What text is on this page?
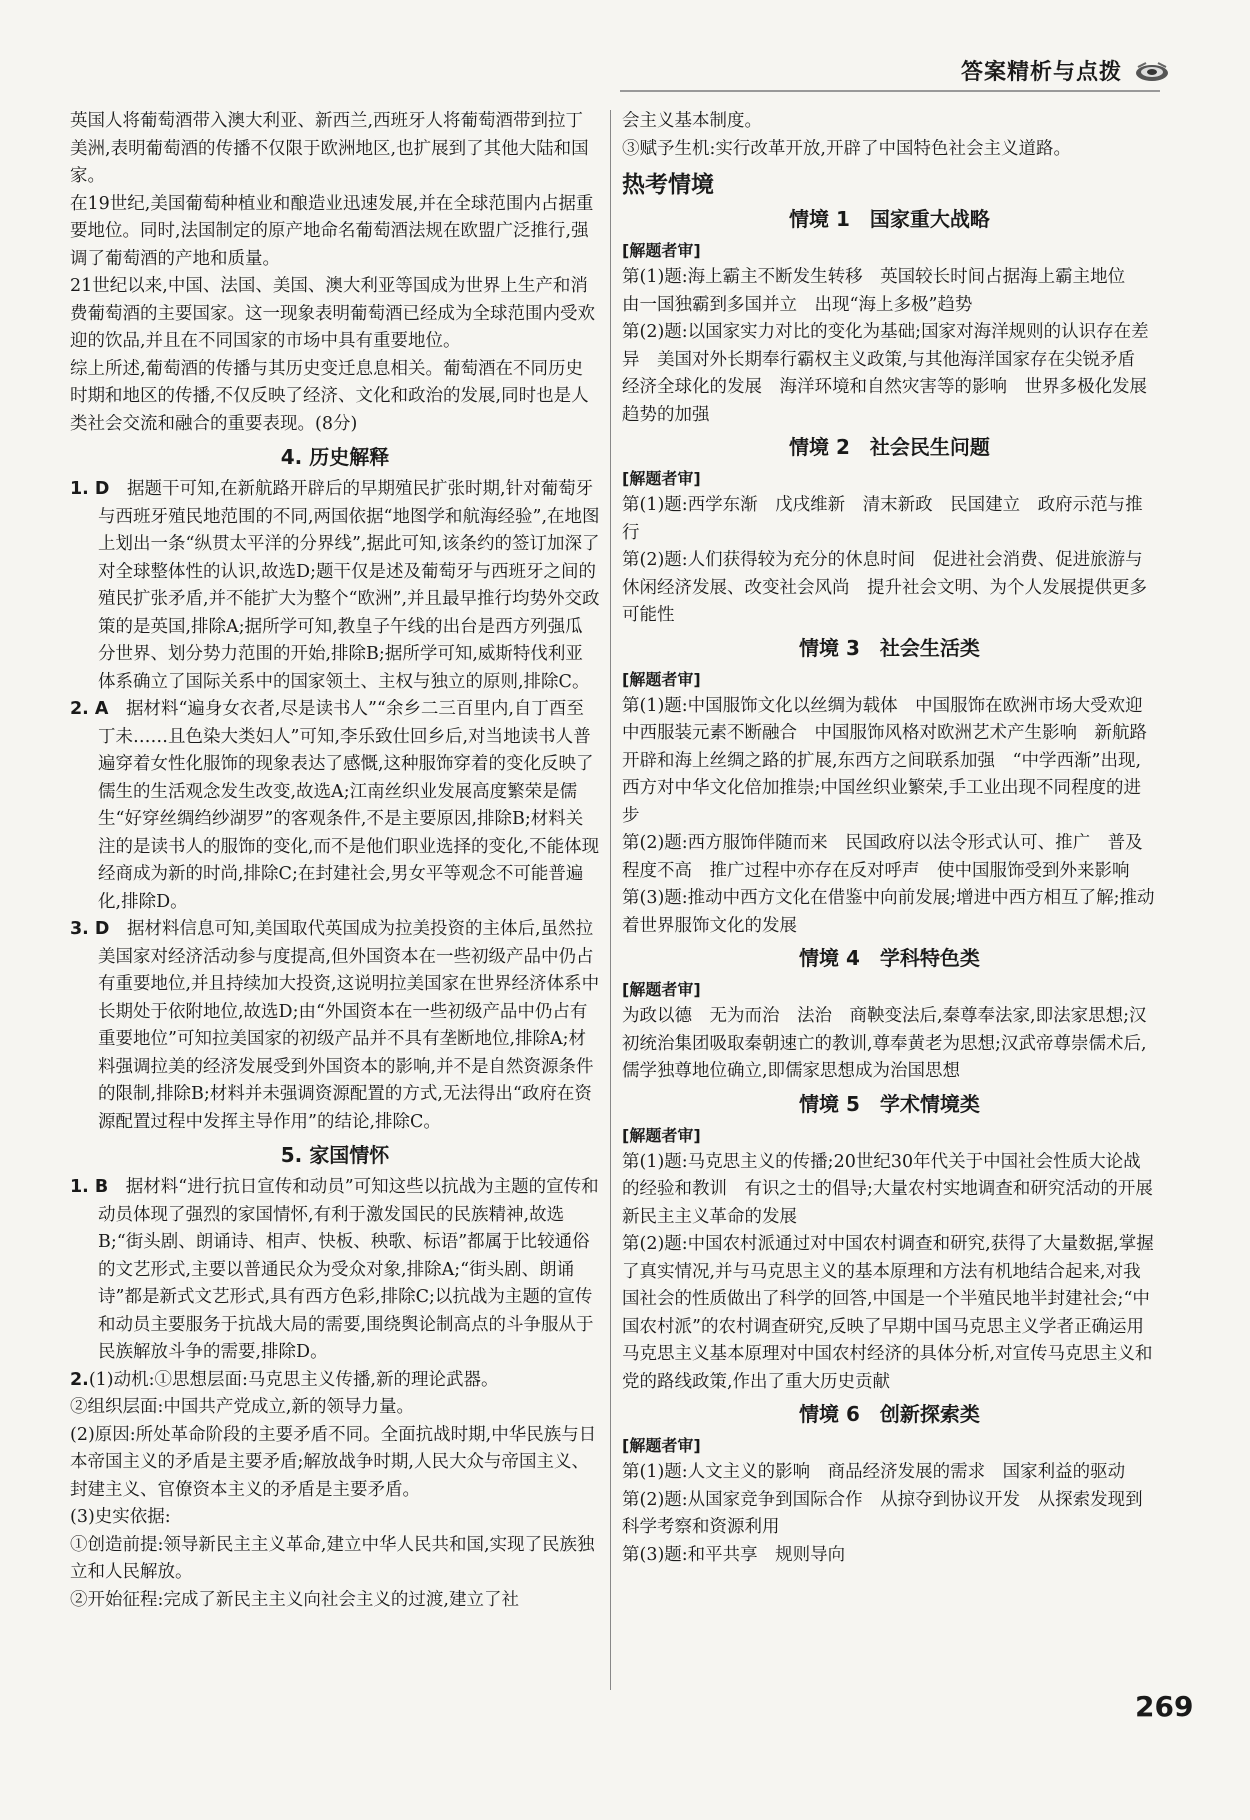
答案精析与点拨

英国人将葡萄酒带入澳大利亚、新西兰,西班牙人将葡萄酒带到拉丁美洲,表明葡萄酒的传播不仅限于欧洲地区,也扩展到了其他大陆和国家。

在19世纪,美国葡萄种植业和酿造业迅速发展,并在全球范围内占据重要地位。同时,法国制定的原产地命名葡萄酒法规在欧盟广泛推行,强调了葡萄酒的产地和质量。

21世纪以来,中国、法国、美国、澳大利亚等国成为世界上生产和消费葡萄酒的主要国家。这一现象表明葡萄酒已经成为全球范围内受欢迎的饮品,并且在不同国家的市场中具有重要地位。

综上所述,葡萄酒的传播与其历史变迁息息相关。葡萄酒在不同历史时期和地区的传播,不仅反映了经济、文化和政治的发展,同时也是人类社会交流和融合的重要表现。(8分)

4. 历史解释

1. D　 据题干可知,在新航路开辟后的早期殖民扩张时期,针对葡萄牙与西班牙殖民地范围的不同,两国依据“地图学和航海经验”,在地图上划出一条“纵贯太平洋的分界线”,据此可知,该条约的签订加深了对全球整体性的认识,故选D;题干仅是述及葡萄牙与西班牙之间的殖民扩张矛盾,并不能扩大为整个“欧洲”,并且最早推行均势外交政策的是英国,排除A;据所学可知,教皇子午线的出台是西方列强瓜分世界、划分势力范围的开始,排除B;据所学可知,威斯特伐利亚体系确立了国际关系中的国家领土、主权与独立的原则,排除C。

2. A　 据材料“遍身女衣者,尽是读书人”“余乡二三百里内,自丁酉至丁未……且色染大类妇人”可知,李乐致仕回乡后,对当地读书人普遍穿着女性化服饰的现象表达了感慨,这种服饰穿着的变化反映了儒生的生活观念发生改变,故选A;江南丝织业发展高度繁荣是儒生“好穿丝绸绉纱湖罗”的客观条件,不是主要原因,排除B;材料关注的是读书人的服饰的变化,而不是他们职业选择的变化,不能体现经商成为新的时尚,排除C;在封建社会,男女平等观念不可能普遍化,排除D。

3. D　 据材料信息可知,美国取代英国成为拉美投资的主体后,虽然拉美国家对经济活动参与度提高,但外国资本在一些初级产品中仍占有重要地位,并且持续加大投资,这说明拉美国家在世界经济体系中长期处于依附地位,故选D;由“外国资本在一些初级产品中仍占有重要地位”可知拉美国家的初级产品并不具有垄断地位,排除A;材料强调拉美的经济发展受到外国资本的影响,并不是自然资源条件的限制,排除B;材料并未强调资源配置的方式,无法得出“政府在资源配置过程中发挥主导作用”的结论,排除C。

5. 家国情怀

1. B　 据材料“进行抗日宣传和动员”可知这些以抗战为主题的宣传和动员体现了强烈的家国情怀,有利于激发国民的民族精神,故选B;“街头剧、朗诵诗、相声、快板、秧歌、标语”都属于比较通俗的文艺形式,主要以普通民众为受众对象,排除A;“街头剧、朗诵诗”都是新式文艺形式,具有西方色彩,排除C;以抗战为主题的宣传和动员主要服务于抗战大局的需要,围绕舆论制高点的斗争服从于民族解放斗争的需要,排除D。

2.(1)动机:①思想层面:马克思主义传播,新的理论武器。

②组织层面:中国共产党成立,新的领导力量。

(2)原因:所处革命阶段的主要矛盾不同。全面抗战时期,中华民族与日本帝国主义的矛盾是主要矛盾;解放战争时期,人民大众与帝国主义、封建主义、官僚资本主义的矛盾是主要矛盾。

(3)史实依据:

①创造前提:领导新民主主义革命,建立中华人民共和国,实现了民族独立和人民解放。

②开始征程:完成了新民主主义向社会主义的过渡,建立了社

会主义基本制度。

③赋予生机:实行改革开放,开辟了中国特色社会主义道路。

热考情境
情境 1　国家重大战略
[解题者审]

第(1)题:海上霸主不断发生转移　英国较长时间占据海上霸主地位　由一国独霸到多国并立　出现“海上多极”趋势

第(2)题:以国家实力对比的变化为基础;国家对海洋规则的认识存在差异　美国对外长期奉行霸权主义政策,与其他海洋国家存在尖锐矛盾　经济全球化的发展　海洋环境和自然灾害等的影响　世界多极化发展趋势的加强

情境 2　社会民生问题
[解题者审]

第(1)题:西学东渐　戊戌维新　清末新政　民国建立　政府示范与推行

第(2)题:人们获得较为充分的休息时间　促进社会消费、促进旅游与休闲经济发展、改变社会风尚　提升社会文明、为个人发展提供更多可能性

情境 3　社会生活类
[解题者审]

第(1)题:中国服饰文化以丝绸为载体　中国服饰在欧洲市场大受欢迎　中西服装元素不断融合　中国服饰风格对欧洲艺术产生影响　新航路开辟和海上丝绸之路的扩展,东西方之间联系加强　“中学西渐”出现,西方对中华文化倍加推崇;中国丝织业繁荣,手工业出现不同程度的进步

第(2)题:西方服饰伴随而来　民国政府以法令形式认可、推广　普及程度不高　推广过程中亦存在反对呼声　使中国服饰受到外来影响

第(3)题:推动中西方文化在借鉴中向前发展;增进中西方相互了解;推动着世界服饰文化的发展

情境 4　学科特色类
[解题者审]

为政以德　无为而治　法治　商鞅变法后,秦尊奉法家,即法家思想;汉初统治集团吸取秦朝速亡的教训,尊奉黄老为思想;汉武帝尊崇儒术后,儒学独尊地位确立,即儒家思想成为治国思想

情境 5　学术情境类
[解题者审]

第(1)题:马克思主义的传播;20世纪30年代关于中国社会性质大论战的经验和教训　有识之士的倡导;大量农村实地调查和研究活动的开展　新民主主义革命的发展

第(2)题:中国农村派通过对中国农村调查和研究,获得了大量数据,掌握了真实情况,并与马克思主义的基本原理和方法有机地结合起来,对我国社会的性质做出了科学的回答,中国是一个半殖民地半封建社会;“中国农村派”的农村调查研究,反映了早期中国马克思主义学者正确运用马克思主义基本原理对中国农村经济的具体分析,对宣传马克思主义和党的路线政策,作出了重大历史贡献

情境 6　创新探索类
[解题者审]

第(1)题:人文主义的影响　商品经济发展的需求　国家利益的驱动

第(2)题:从国家竞争到国际合作　从掠夺到协议开发　从探索发现到科学考察和资源利用

第(3)题:和平共享　规则导向

269
